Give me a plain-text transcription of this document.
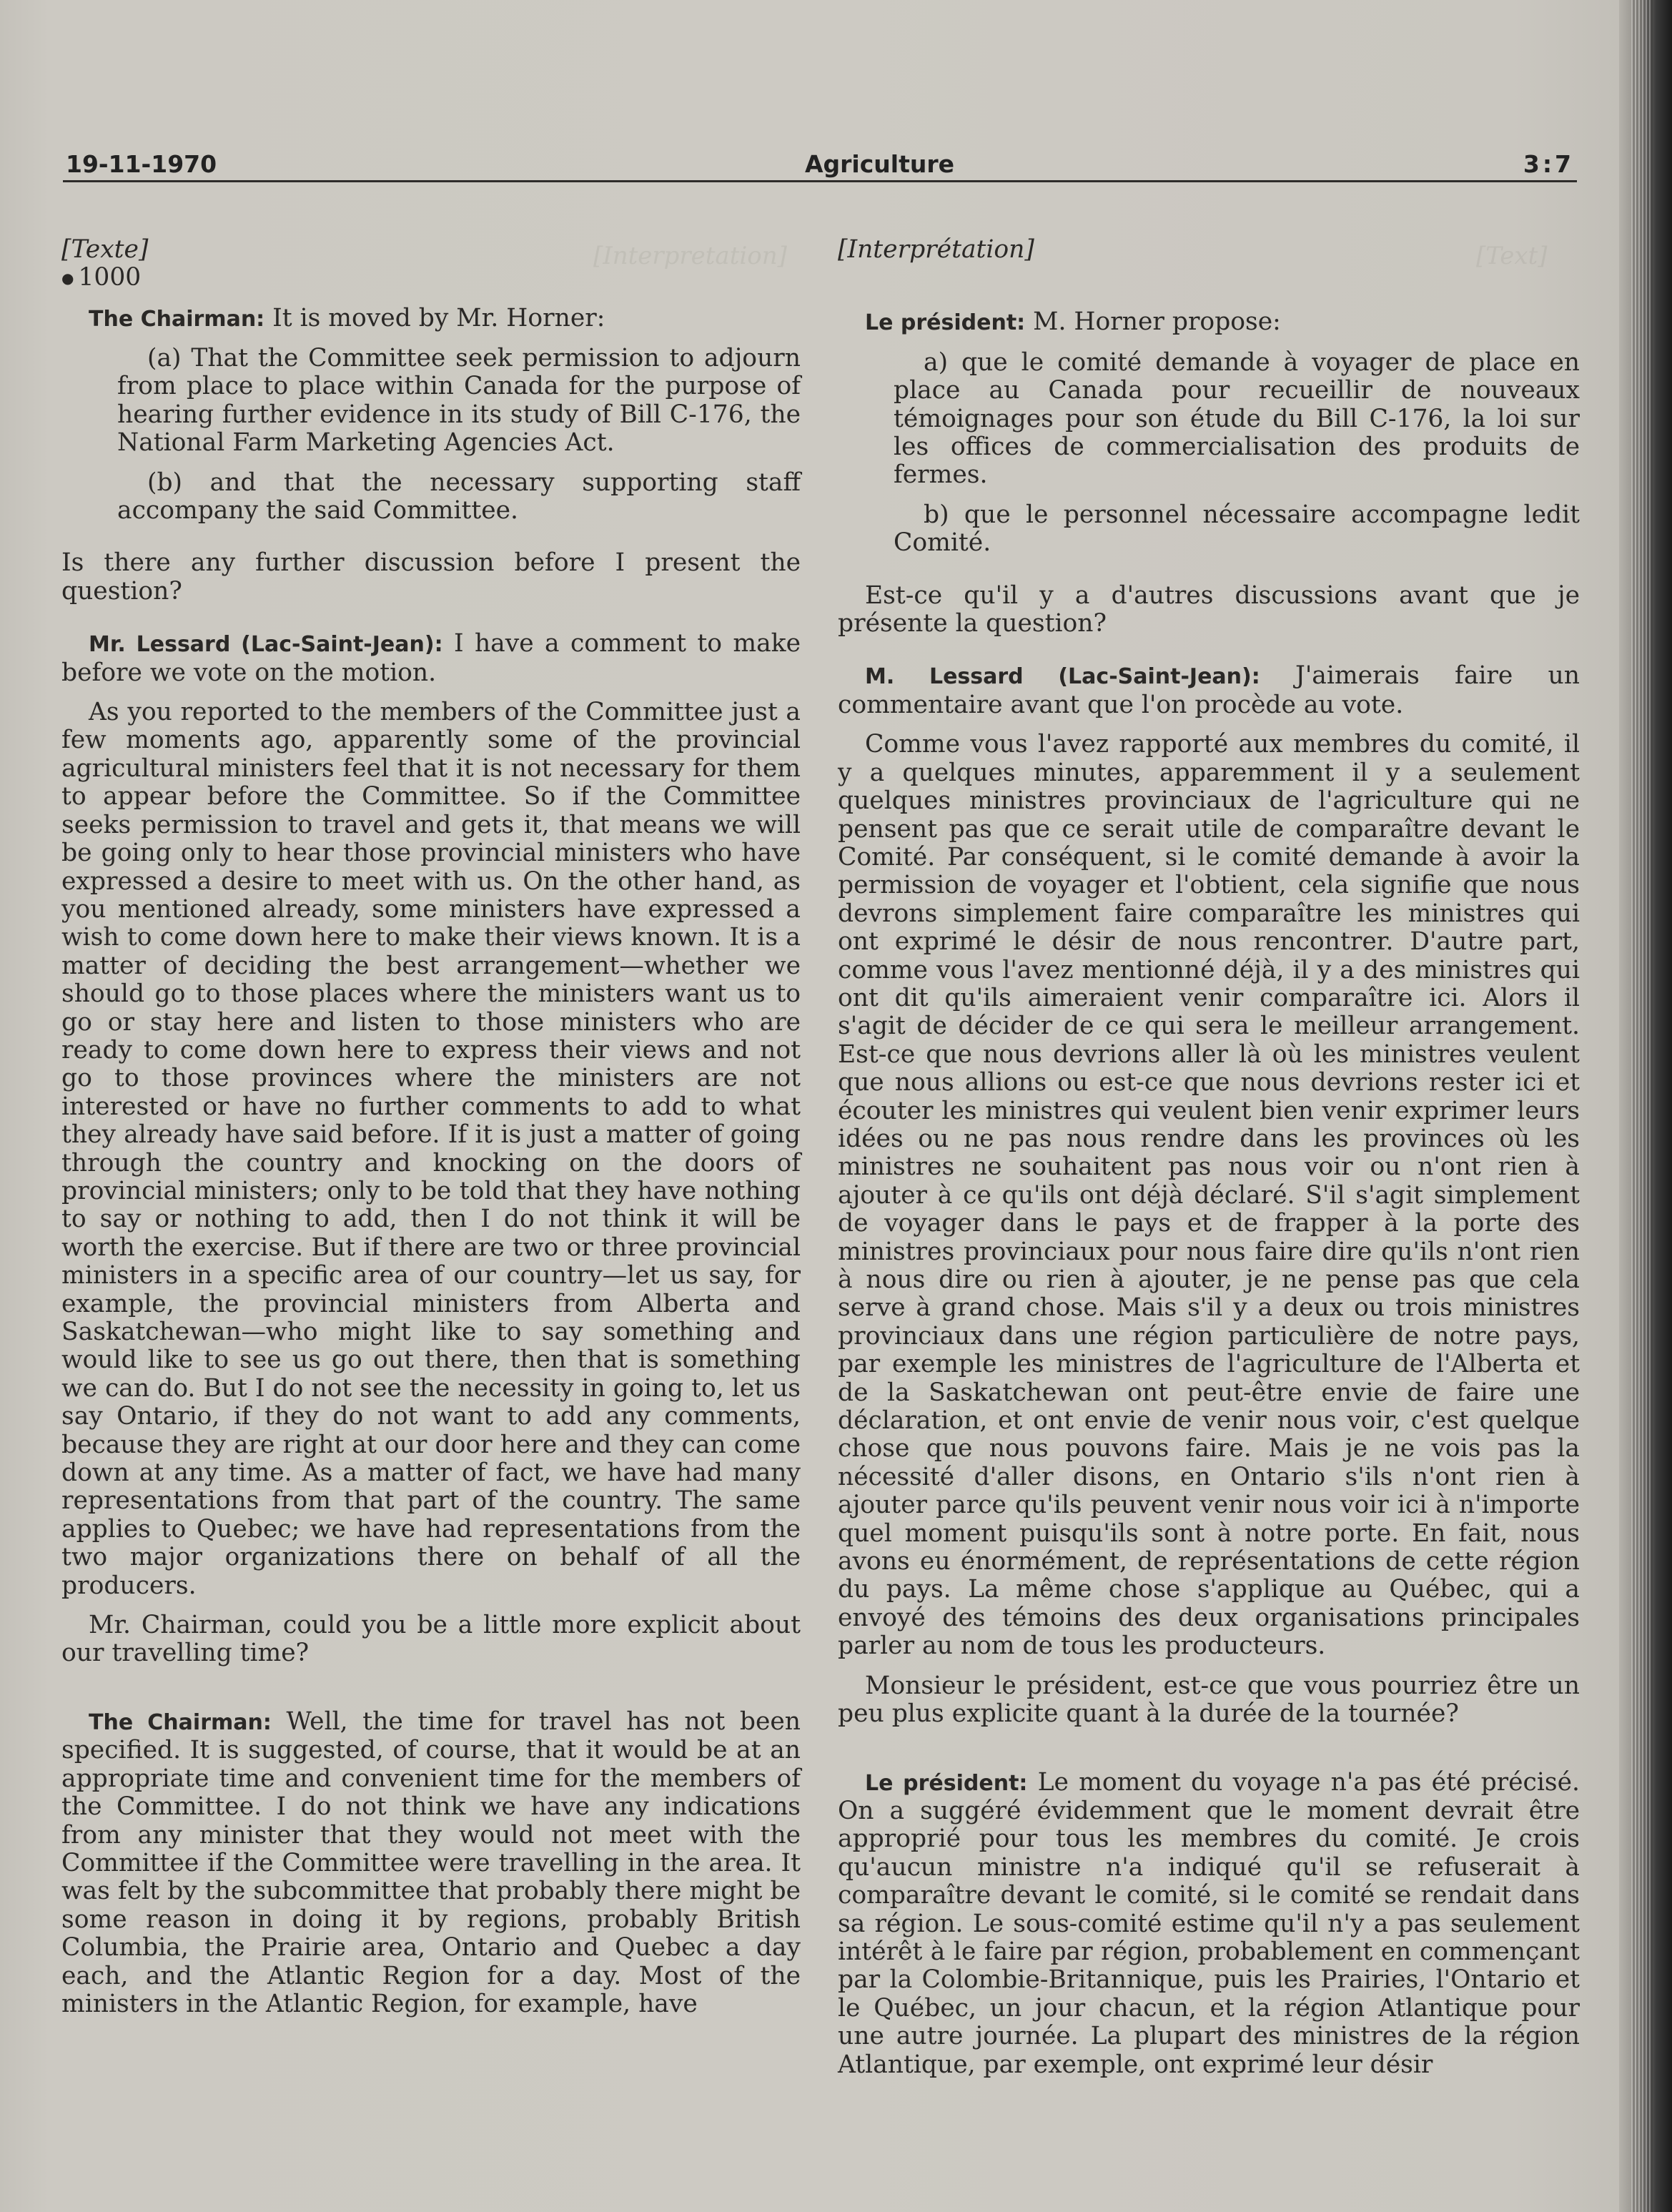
[Interpretation]	[Text]
19-11-1970	Agriculture	3:7

[Texte]

● 1000

The Chairman: It is moved by Mr. Horner:

(a) That the Committee seek permission to adjourn from place to place within Canada for the purpose of hearing further evidence in its study of Bill C-176, the National Farm Marketing Agencies Act.

(b) and that the necessary supporting staff accompany the said Committee.

Is there any further discussion before I present the question?

Mr. Lessard (Lac-Saint-Jean): I have a comment to make before we vote on the motion.

As you reported to the members of the Committee just a few moments ago, apparently some of the provincial agricultural ministers feel that it is not necessary for them to appear before the Committee. So if the Committee seeks permission to travel and gets it, that means we will be going only to hear those provincial ministers who have expressed a desire to meet with us. On the other hand, as you mentioned already, some ministers have expressed a wish to come down here to make their views known. It is a matter of deciding the best arrangement—whether we should go to those places where the ministers want us to go or stay here and listen to those ministers who are ready to come down here to express their views and not go to those provinces where the ministers are not interested or have no further comments to add to what they already have said before. If it is just a matter of going through the country and knocking on the doors of provincial ministers; only to be told that they have nothing to say or nothing to add, then I do not think it will be worth the exercise. But if there are two or three provincial ministers in a specific area of our country—let us say, for example, the provincial ministers from Alberta and Saskatchewan—who might like to say something and would like to see us go out there, then that is something we can do. But I do not see the necessity in going to, let us say Ontario, if they do not want to add any comments, because they are right at our door here and they can come down at any time. As a matter of fact, we have had many representations from that part of the country. The same applies to Quebec; we have had representations from the two major organizations there on behalf of all the producers.

Mr. Chairman, could you be a little more explicit about our travelling time?

The Chairman: Well, the time for travel has not been specified. It is suggested, of course, that it would be at an appropriate time and convenient time for the members of the Committee. I do not think we have any indications from any minister that they would not meet with the Committee if the Committee were travelling in the area. It was felt by the subcommittee that probably there might be some reason in doing it by regions, probably British Columbia, the Prairie area, Ontario and Quebec a day each, and the Atlantic Region for a day. Most of the ministers in the Atlantic Region, for example, have

[Interprétation]

Le président: M. Horner propose:

a) que le comité demande à voyager de place en place au Canada pour recueillir de nouveaux témoignages pour son étude du Bill C-176, la loi sur les offices de commercialisation des produits de fermes.

b) que le personnel nécessaire accompagne ledit Comité.

Est-ce qu'il y a d'autres discussions avant que je présente la question?

M. Lessard (Lac-Saint-Jean): J'aimerais faire un commentaire avant que l'on procède au vote.

Comme vous l'avez rapporté aux membres du comité, il y a quelques minutes, apparemment il y a seulement quelques ministres provinciaux de l'agriculture qui ne pensent pas que ce serait utile de comparaître devant le Comité. Par conséquent, si le comité demande à avoir la permission de voyager et l'obtient, cela signifie que nous devrons simplement faire comparaître les ministres qui ont exprimé le désir de nous rencontrer. D'autre part, comme vous l'avez mentionné déjà, il y a des ministres qui ont dit qu'ils aimeraient venir comparaître ici. Alors il s'agit de décider de ce qui sera le meilleur arrangement. Est-ce que nous devrions aller là où les ministres veulent que nous allions ou est-ce que nous devrions rester ici et écouter les ministres qui veulent bien venir exprimer leurs idées ou ne pas nous rendre dans les provinces où les ministres ne souhaitent pas nous voir ou n'ont rien à ajouter à ce qu'ils ont déjà déclaré. S'il s'agit simplement de voyager dans le pays et de frapper à la porte des ministres provinciaux pour nous faire dire qu'ils n'ont rien à nous dire ou rien à ajouter, je ne pense pas que cela serve à grand chose. Mais s'il y a deux ou trois ministres provinciaux dans une région particulière de notre pays, par exemple les ministres de l'agriculture de l'Alberta et de la Saskatchewan ont peut-être envie de faire une déclaration, et ont envie de venir nous voir, c'est quelque chose que nous pouvons faire. Mais je ne vois pas la nécessité d'aller disons, en Ontario s'ils n'ont rien à ajouter parce qu'ils peuvent venir nous voir ici à n'importe quel moment puisqu'ils sont à notre porte. En fait, nous avons eu énormément, de représentations de cette région du pays. La même chose s'applique au Québec, qui a envoyé des témoins des deux organisations principales parler au nom de tous les producteurs.

Monsieur le président, est-ce que vous pourriez être un peu plus explicite quant à la durée de la tournée?

Le président: Le moment du voyage n'a pas été précisé. On a suggéré évidemment que le moment devrait être approprié pour tous les membres du comité. Je crois qu'aucun ministre n'a indiqué qu'il se refuserait à comparaître devant le comité, si le comité se rendait dans sa région. Le sous-comité estime qu'il n'y a pas seulement intérêt à le faire par région, probablement en commençant par la Colombie-Britannique, puis les Prairies, l'Ontario et le Québec, un jour chacun, et la région Atlantique pour une autre journée. La plupart des ministres de la région Atlantique, par exemple, ont exprimé leur désir
